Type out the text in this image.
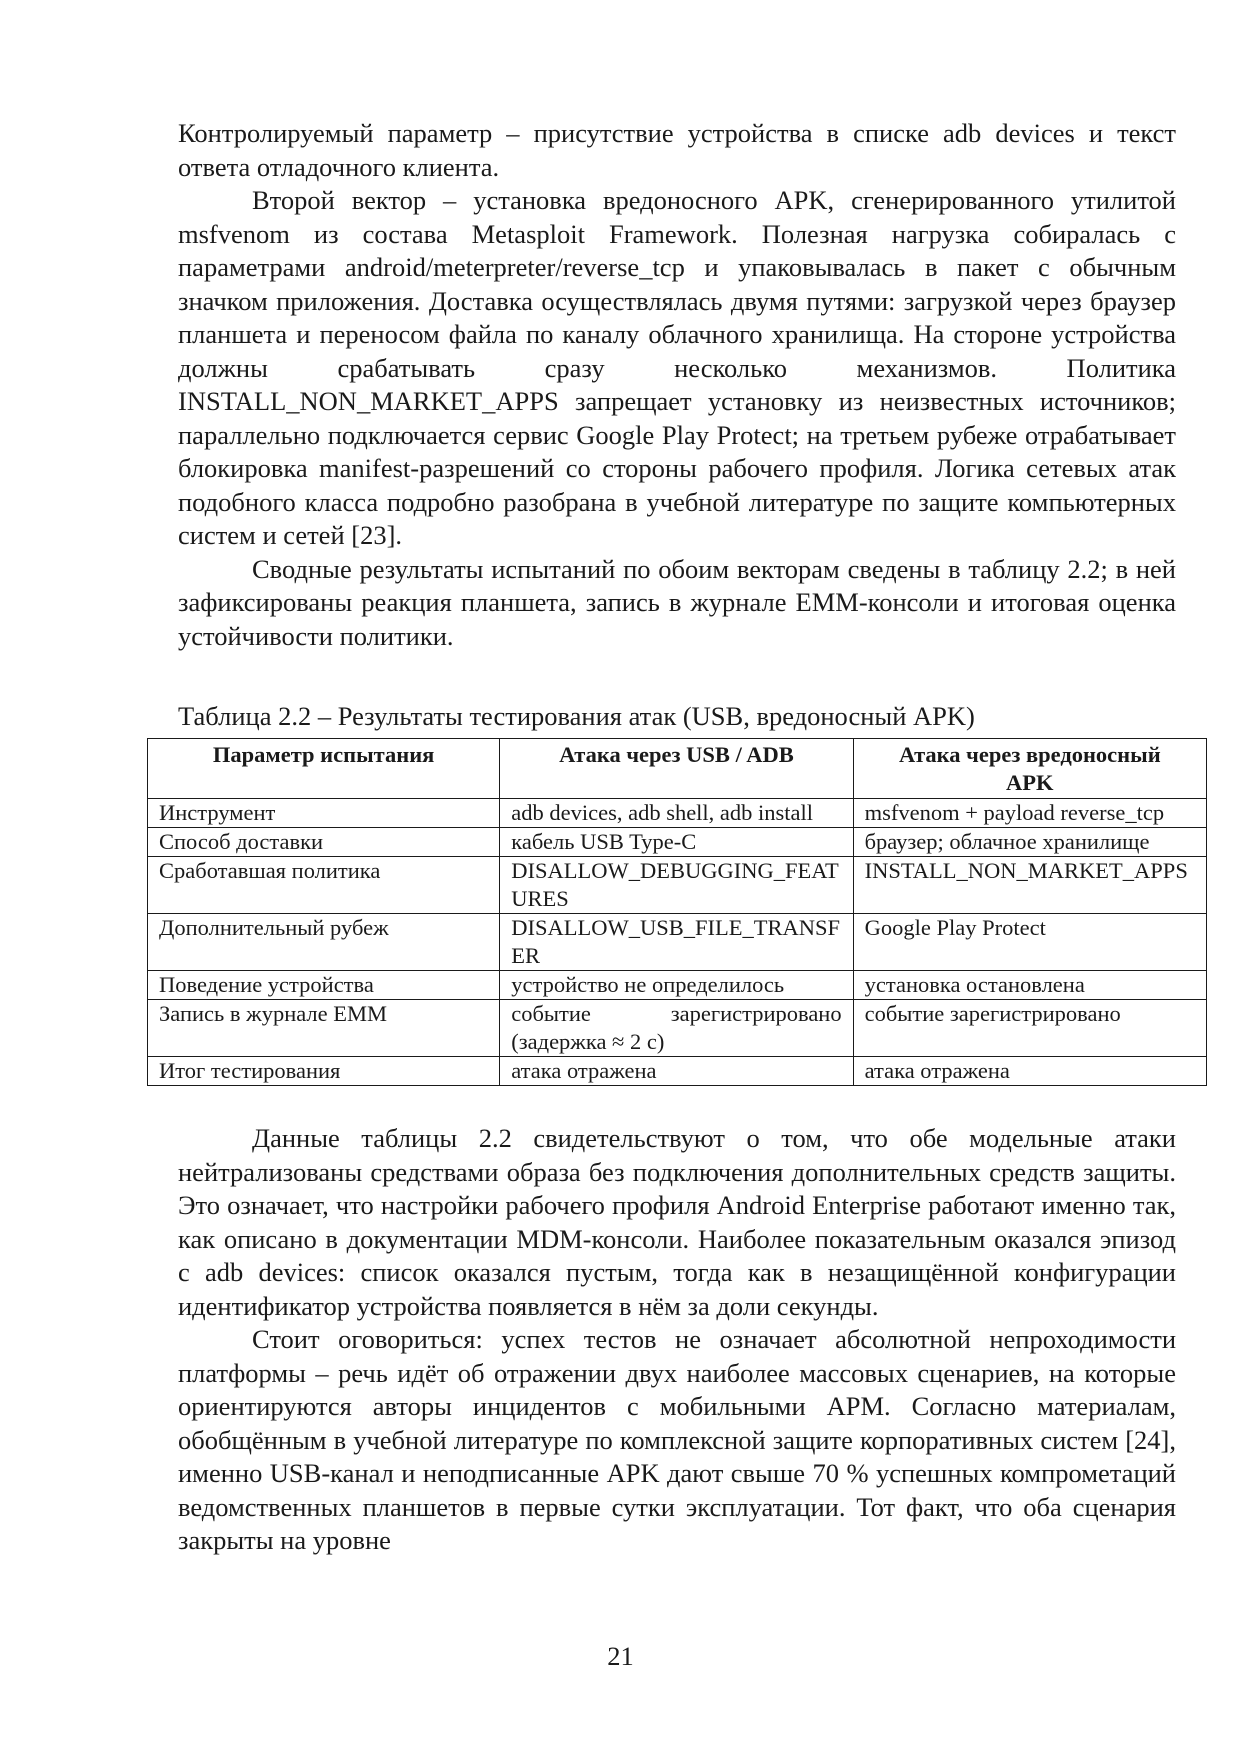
Контролируемый параметр – присутствие устройства в списке adb devices и текст ответа отладочного клиента.

Второй вектор – установка вредоносного APK, сгенерированного утилитой msfvenom из состава Metasploit Framework. Полезная нагрузка собиралась с параметрами android/meterpreter/reverse_tcp и упаковывалась в пакет с обычным значком приложения. Доставка осуществлялась двумя путями: загрузкой через браузер планшета и переносом файла по каналу облачного хранилища. На стороне устройства должны срабатывать сразу несколько механизмов. Политика INSTALL_NON_MARKET_APPS запрещает установку из неизвестных источников; параллельно подключается сервис Google Play Protect; на третьем рубеже отрабатывает блокировка manifest-разрешений со стороны рабочего профиля. Логика сетевых атак подобного класса подробно разобрана в учебной литературе по защите компьютерных систем и сетей [23].

Сводные результаты испытаний по обоим векторам сведены в таблицу 2.2; в ней зафиксированы реакция планшета, запись в журнале EMM-консоли и итоговая оценка устойчивости политики.

Таблица 2.2 – Результаты тестирования атак (USB, вредоносный APK)
Параметр испытания	Атака через USB / ADB	Атака через вредоносный APK
Инструмент	adb devices, adb shell, adb install	msfvenom + payload reverse_tcp
Способ доставки	кабель USB Type-C	браузер; облачное хранилище
Сработавшая политика	DISALLOW_DEBUGGING_FEATURES	INSTALL_NON_MARKET_APPS
Дополнительный рубеж	DISALLOW_USB_FILE_TRANSFER	Google Play Protect
Поведение устройства	устройство не определилось	установка остановлена
Запись в журнале EMM	событие зарегистрировано (задержка ≈ 2 с)	событие зарегистрировано
Итог тестирования	атака отражена	атака отражена

Данные таблицы 2.2 свидетельствуют о том, что обе модельные атаки нейтрализованы средствами образа без подключения дополнительных средств защиты. Это означает, что настройки рабочего профиля Android Enterprise работают именно так, как описано в документации MDM-консоли. Наиболее показательным оказался эпизод с adb devices: список оказался пустым, тогда как в незащищённой конфигурации идентификатор устройства появляется в нём за доли секунды.

Стоит оговориться: успех тестов не означает абсолютной непроходимости платформы – речь идёт об отражении двух наиболее массовых сценариев, на которые ориентируются авторы инцидентов с мобильными АРМ. Согласно материалам, обобщённым в учебной литературе по комплексной защите корпоративных систем [24], именно USB-канал и неподписанные APK дают свыше 70 % успешных компрометаций ведомственных планшетов в первые сутки эксплуатации. Тот факт, что оба сценария закрыты на уровне

21
